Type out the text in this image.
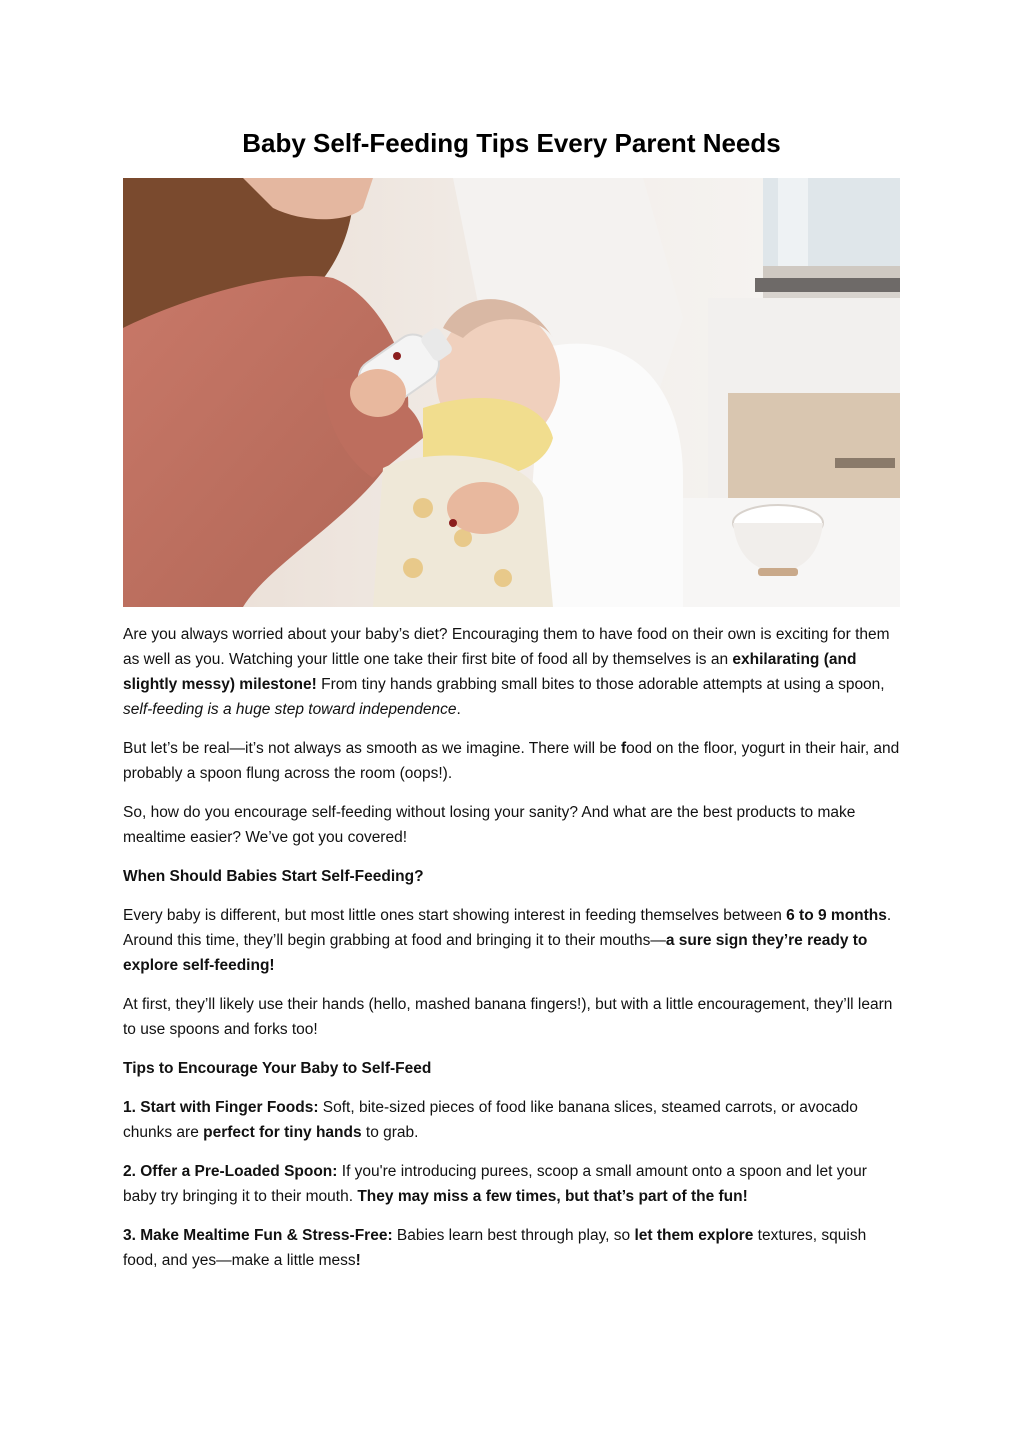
Baby Self-Feeding Tips Every Parent Needs

Are you always worried about your baby’s diet? Encouraging them to have food on their own is exciting for them as well as you. Watching your little one take their first bite of food all by themselves is an exhilarating (and slightly messy) milestone! From tiny hands grabbing small bites to those adorable attempts at using a spoon, self-feeding is a huge step toward independence.

But let’s be real—it’s not always as smooth as we imagine. There will be food on the floor, yogurt in their hair, and probably a spoon flung across the room (oops!).

So, how do you encourage self-feeding without losing your sanity? And what are the best products to make mealtime easier? We’ve got you covered!

When Should Babies Start Self-Feeding?

Every baby is different, but most little ones start showing interest in feeding themselves between 6 to 9 months. Around this time, they’ll begin grabbing at food and bringing it to their mouths—a sure sign they’re ready to explore self-feeding!

At first, they’ll likely use their hands (hello, mashed banana fingers!), but with a little encouragement, they’ll learn to use spoons and forks too!

Tips to Encourage Your Baby to Self-Feed

1. Start with Finger Foods: Soft, bite-sized pieces of food like banana slices, steamed carrots, or avocado chunks are perfect for tiny hands to grab.

2. Offer a Pre-Loaded Spoon: If you're introducing purees, scoop a small amount onto a spoon and let your baby try bringing it to their mouth. They may miss a few times, but that’s part of the fun!

3. Make Mealtime Fun & Stress-Free: Babies learn best through play, so let them explore textures, squish food, and yes—make a little mess!
